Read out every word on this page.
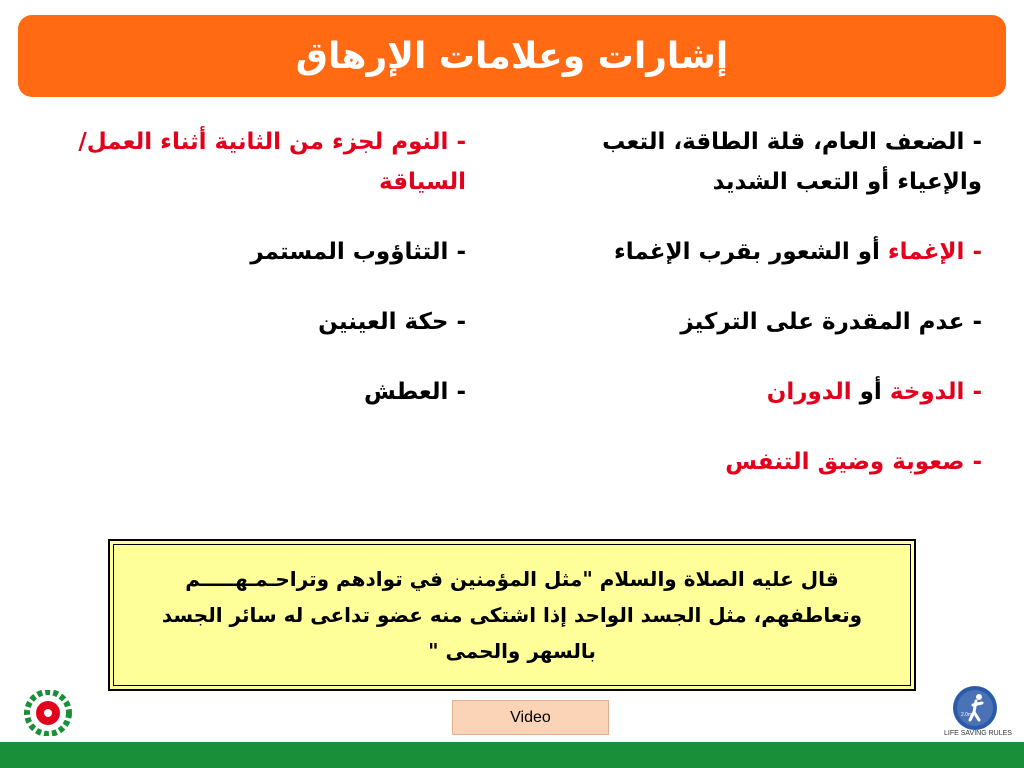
إشارات وعلامات الإرهاق
- الضعف العام، قلة الطاقة، التعب والإعياء أو التعب الشديد
- الإغماء أو الشعور بقرب الإغماء
- عدم المقدرة على التركيز
- الدوخة أو الدوران
- صعوبة وضيق التنفس
- النوم لجزء من الثانية أثناء العمل/السياقة
- التثاؤوب المستمر
- حكة العينين
- العطش
قال عليه الصلاة والسلام "مثل المؤمنين في توادهم وتراحـمـهـــــم وتعاطفهم، مثل الجسد الواحد إذا اشتكى منه عضو تداعى له سائر الجسد بالسهر والحمى "
Video	2.0m
LIFE SAVING RULES
